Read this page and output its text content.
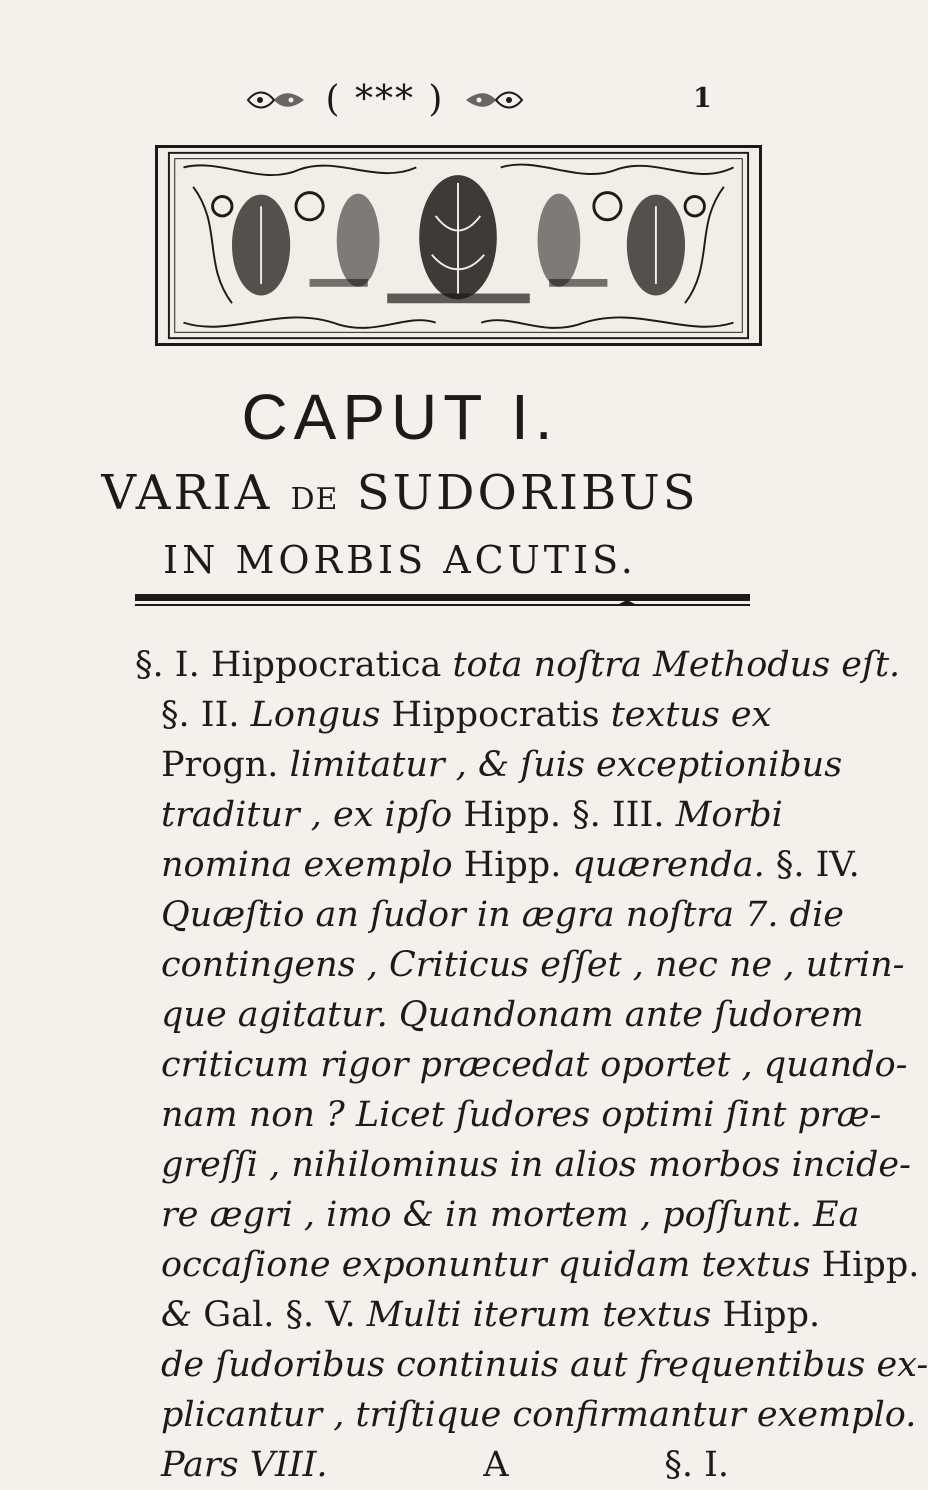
( *** )	1
CAPUT I.
VARIA DE SUDORIBUS
IN MORBIS ACUTIS.
§. I. Hippocratica tota noſtra Methodus eſt.
§. II. Longus Hippocratis textus ex
Progn. limitatur , & ſuis exceptionibus
traditur , ex ipſo Hipp. §. III. Morbi
nomina exemplo Hipp. quærenda. §. IV.
Quæſtio an ſudor in ægra noſtra 7. die
contingens , Criticus eſſet , nec ne , utrin-
que agitatur. Quandonam ante ſudorem
criticum rigor præcedat oportet , quando-
nam non ? Licet ſudores optimi ſint præ-
greſſi , nihilominus in alios morbos incide-
re ægri , imo & in mortem , poſſunt. Ea
occaſione exponuntur quidam textus Hipp.
& Gal. §. V. Multi iterum textus Hipp.
de ſudoribus continuis aut frequentibus ex-
plicantur , triſtique confirmantur exemplo.
Pars VIII.              A              §. I.
